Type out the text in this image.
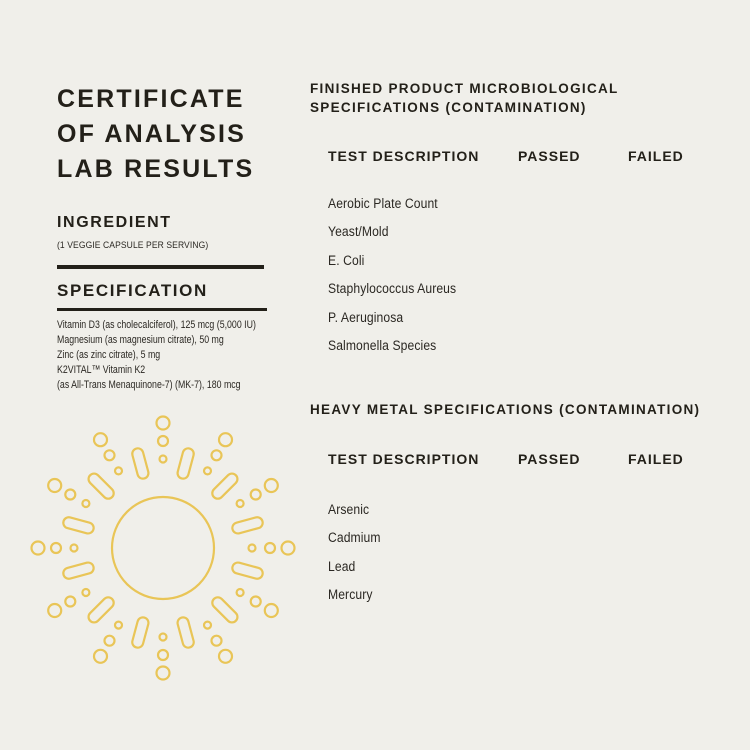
CERTIFICATE
OF ANALYSIS
LAB RESULTS
INGREDIENT
(1 VEGGIE CAPSULE PER SERVING)
SPECIFICATION
Vitamin D3 (as cholecalciferol), 125 mcg (5,000 IU)
Magnesium (as magnesium citrate), 50 mg
Zinc (as zinc citrate), 5 mg
K2VITAL™ Vitamin K2
(as All-Trans Menaquinone-7) (MK-7), 180 mcg
FINISHED PRODUCT MICROBIOLOGICAL SPECIFICATIONS (CONTAMINATION)
TEST DESCRIPTION	PASSED	FAILED
Aerobic Plate Count
Yeast/Mold
E. Coli
Staphylococcus Aureus
P. Aeruginosa
Salmonella Species
HEAVY METAL SPECIFICATIONS (CONTAMINATION)
TEST DESCRIPTION	PASSED	FAILED
Arsenic
Cadmium
Lead
Mercury
